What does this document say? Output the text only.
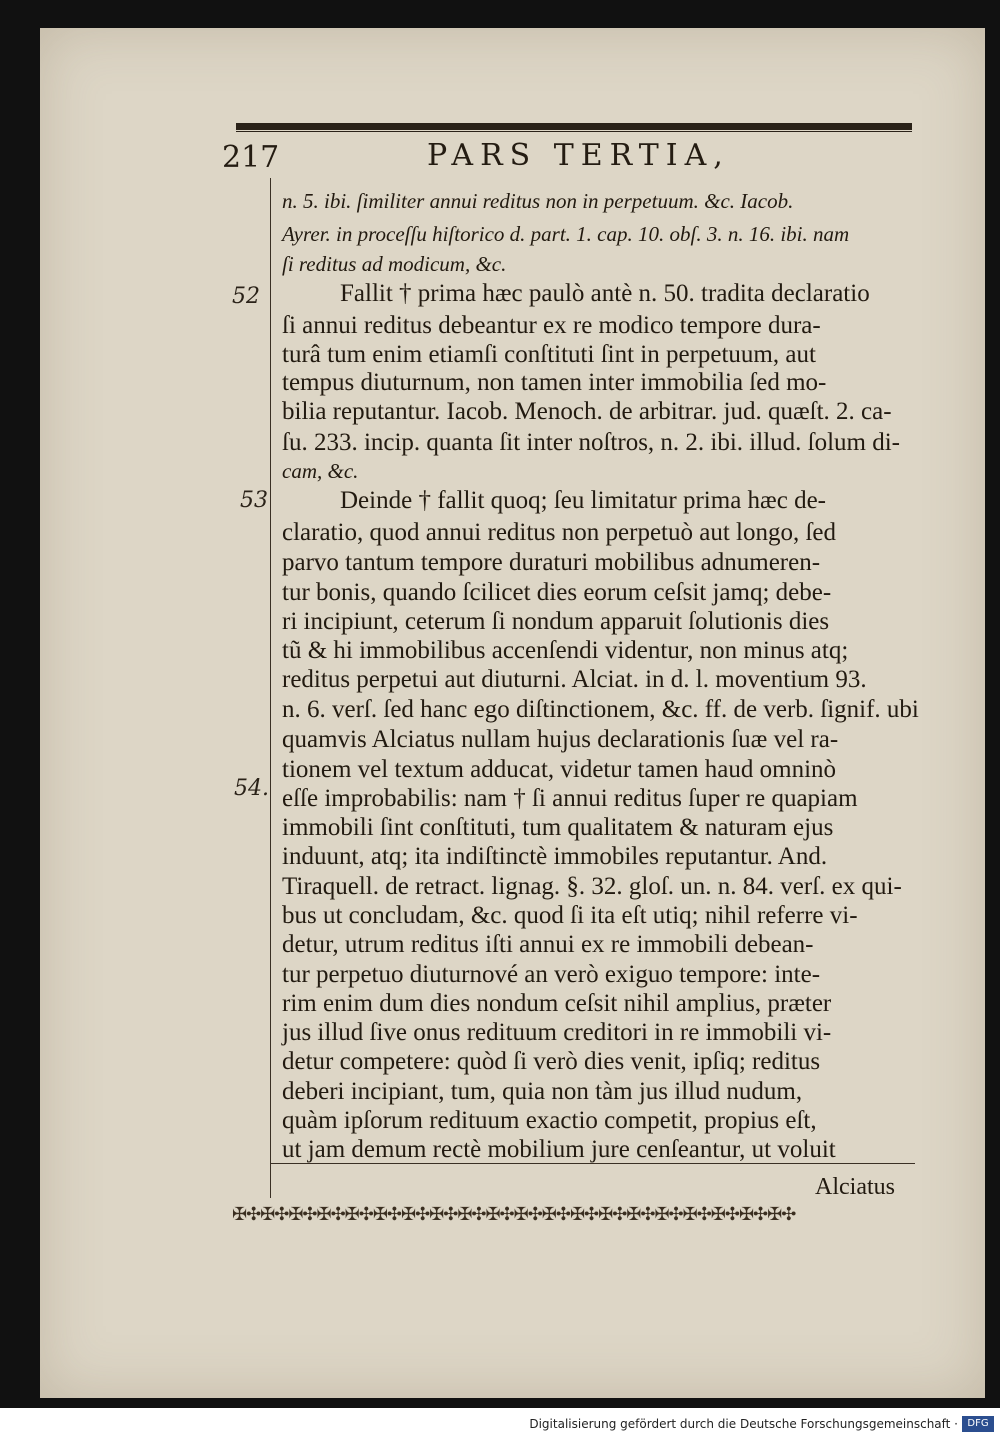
217	PARS TERTIA,
52
53
54.
n. 5. ibi. ſimiliter annui reditus non in perpetuum. &c. Iacob.
Ayrer. in proceſſu hiſtorico d. part. 1. cap. 10. obſ. 3. n. 16. ibi. nam
ſi reditus ad modicum, &c.
Fallit † prima hæc paulò antè n. 50. tradita declaratio
ſi annui reditus debeantur ex re modico tempore dura-
turâ tum enim etiamſi conſtituti ſint in perpetuum, aut
tempus diuturnum, non tamen inter immobilia ſed mo-
bilia reputantur. Iacob. Menoch. de arbitrar. jud. quæſt. 2. ca-
ſu. 233. incip. quanta ſit inter noſtros, n. 2. ibi. illud. ſolum di-
cam, &c.
Deinde † fallit quoq; ſeu limitatur prima hæc de-
claratio, quod annui reditus non perpetuò aut longo, ſed
parvo tantum tempore duraturi mobilibus adnumeren-
tur bonis, quando ſcilicet dies eorum ceſsit jamq; debe-
ri incipiunt, ceterum ſi nondum apparuit ſolutionis dies
tũ & hi immobilibus accenſendi videntur, non minus atq;
reditus perpetui aut diuturni. Alciat. in d. l. moventium 93.
n. 6. verſ. ſed hanc ego diſtinctionem, &c. ff. de verb. ſignif. ubi
quamvis Alciatus nullam hujus declarationis ſuæ vel ra-
tionem vel textum adducat, videtur tamen haud omninò
eſſe improbabilis: nam † ſi annui reditus ſuper re quapiam
immobili ſint conſtituti, tum qualitatem & naturam ejus
induunt, atq; ita indiſtinctè immobiles reputantur. And.
Tiraquell. de retract. lignag. §. 32. gloſ. un. n. 84. verſ. ex qui-
bus ut concludam, &c. quod ſi ita eſt utiq; nihil referre vi-
detur, utrum reditus iſti annui ex re immobili debean-
tur perpetuo diuturnové an verò exiguo tempore: inte-
rim enim dum dies nondum ceſsit nihil amplius, præter
jus illud ſive onus redituum creditori in re immobili vi-
detur competere: quòd ſi verò dies venit, ipſiq; reditus
deberi incipiant, tum, quia non tàm jus illud nudum,
quàm ipſorum redituum exactio competit, propius eſt,
ut jam demum rectè mobilium jure cenſeantur, ut voluit
Alciatus
✠✣✠✣✠✣✠✣✠✣✠✣✠✣✠✣✠✣✠✣✠✣✠✣✠✣✠✣✠✣✠✣✠✣✠✣✠✣✠✣
Digitalisierung gefördert durch die Deutsche Forschungsgemeinschaft · DFG
